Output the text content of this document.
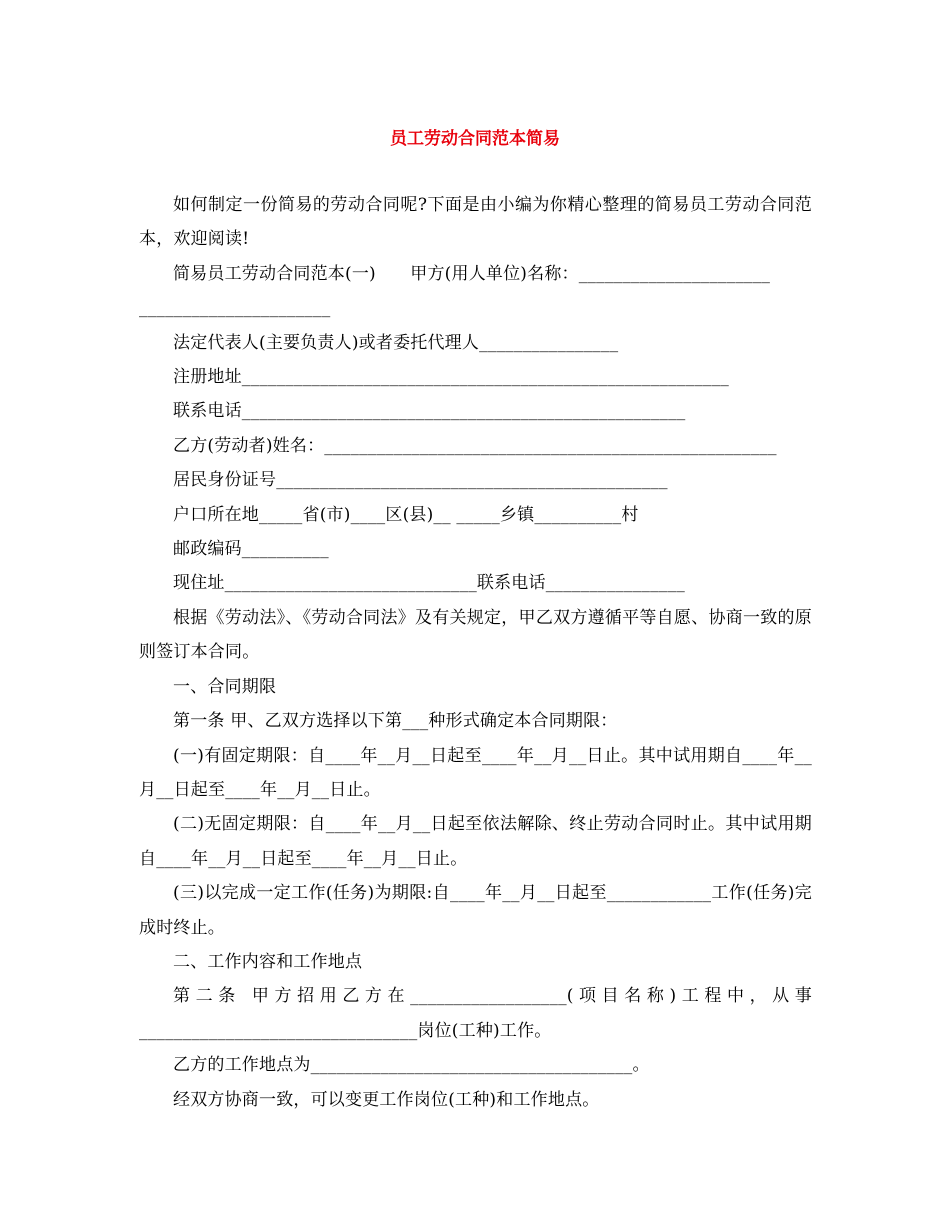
员工劳动合同范本简易

如何制定一份简易的劳动合同呢?下面是由小编为你精心整理的简易员工劳动合同范本，欢迎阅读!

简易员工劳动合同范本(一)　　甲方(用人单位)名称：______________________

______________________

法定代表人(主要负责人)或者委托代理人________________

注册地址________________________________________________________

联系电话___________________________________________________

乙方(劳动者)姓名：____________________________________________________

居民身份证号_____________________________________________

户口所在地_____省(市)____区(县)__ _____乡镇__________村

邮政编码__________

现住址_____________________________联系电话________________

根据《劳动法》、《劳动合同法》及有关规定，甲乙双方遵循平等自愿、协商一致的原则签订本合同。

一、合同期限

第一条 甲、乙双方选择以下第___种形式确定本合同期限：

(一)有固定期限：自____年__月__日起至____年__月__日止。其中试用期自____年__月__日起至____年__月__日止。

(二)无固定期限：自____年__月__日起至依法解除、终止劳动合同时止。其中试用期自____年__月__日起至____年__月__日止。

(三)以完成一定工作(任务)为期限:自____年__月__日起至____________工作(任务)完成时终止。

二、工作内容和工作地点

第二条 甲方招用乙方在__________________(项目名称)工程中，从事________________________________岗位(工种)工作。

乙方的工作地点为_____________________________________。

经双方协商一致，可以变更工作岗位(工种)和工作地点。
